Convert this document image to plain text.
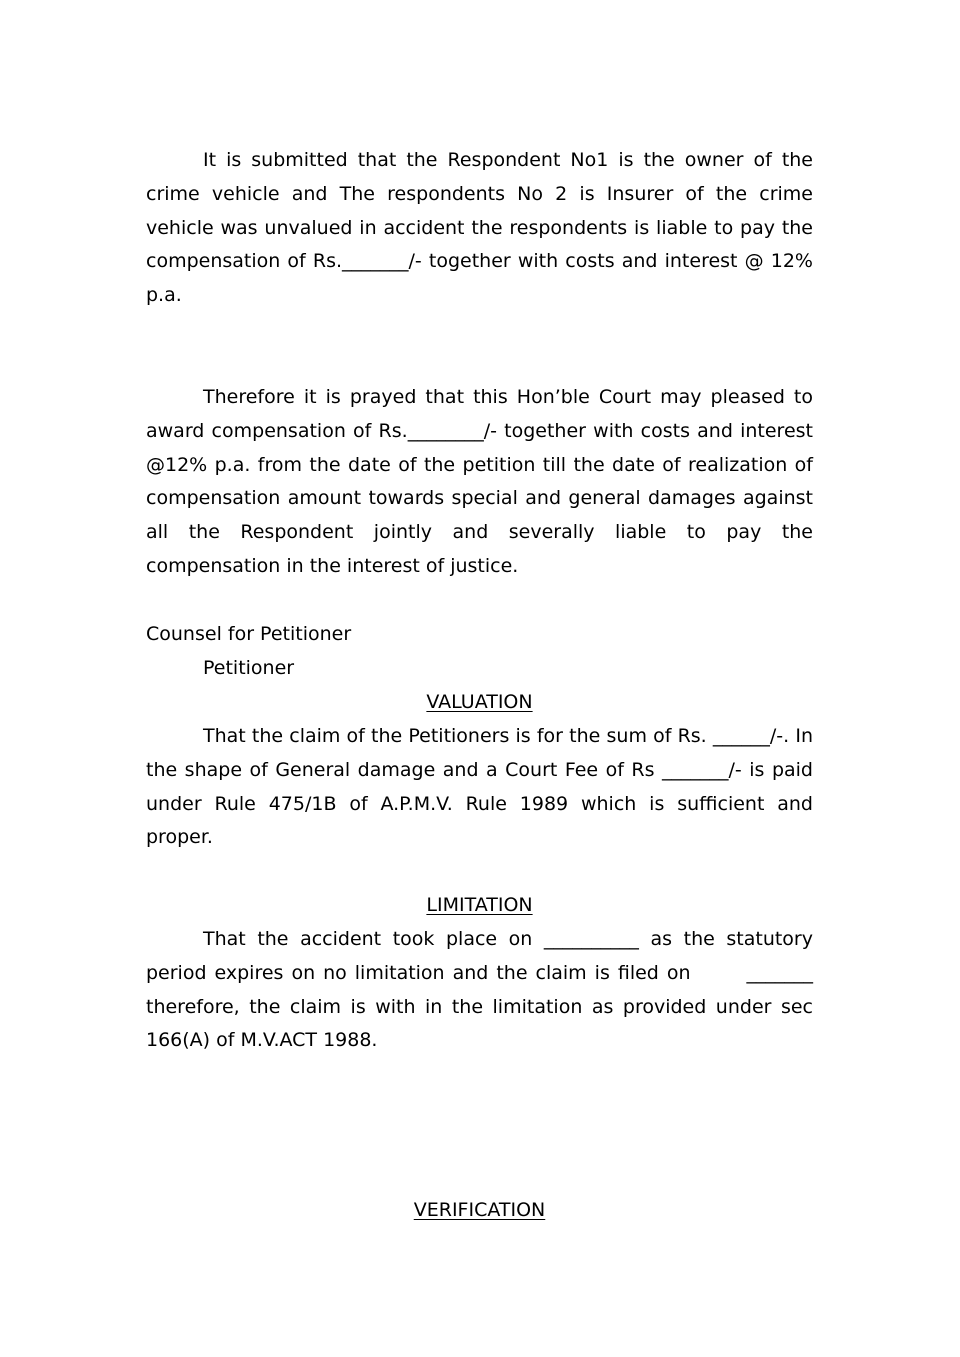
It is submitted that the Respondent No1 is the owner of the crime vehicle and The respondents No 2 is Insurer of the crime vehicle was unvalued in accident the respondents is liable to pay the compensation of Rs._______/- together with costs and interest @ 12% p.a.

Therefore it is prayed that this Hon’ble Court may pleased to award compensation of Rs.________/- together with costs and interest @12% p.a. from the date of the petition till the date of realization of compensation amount towards special and general damages against all the Respondent jointly and severally liable to pay the compensation in the interest of justice.

Counsel for Petitioner

Petitioner

VALUATION

That the claim of the Petitioners is for the sum of Rs. ______/-. In the shape of General damage and a Court Fee of Rs _______/- is paid under Rule 475/1B of A.P.M.V. Rule 1989 which is sufficient and proper.

LIMITATION

That the accident took place on __________ as the statutory period expires on no limitation and the claim is filed on       _______ therefore, the claim is with in the limitation as provided under sec 166(A) of M.V.ACT 1988.

VERIFICATION
